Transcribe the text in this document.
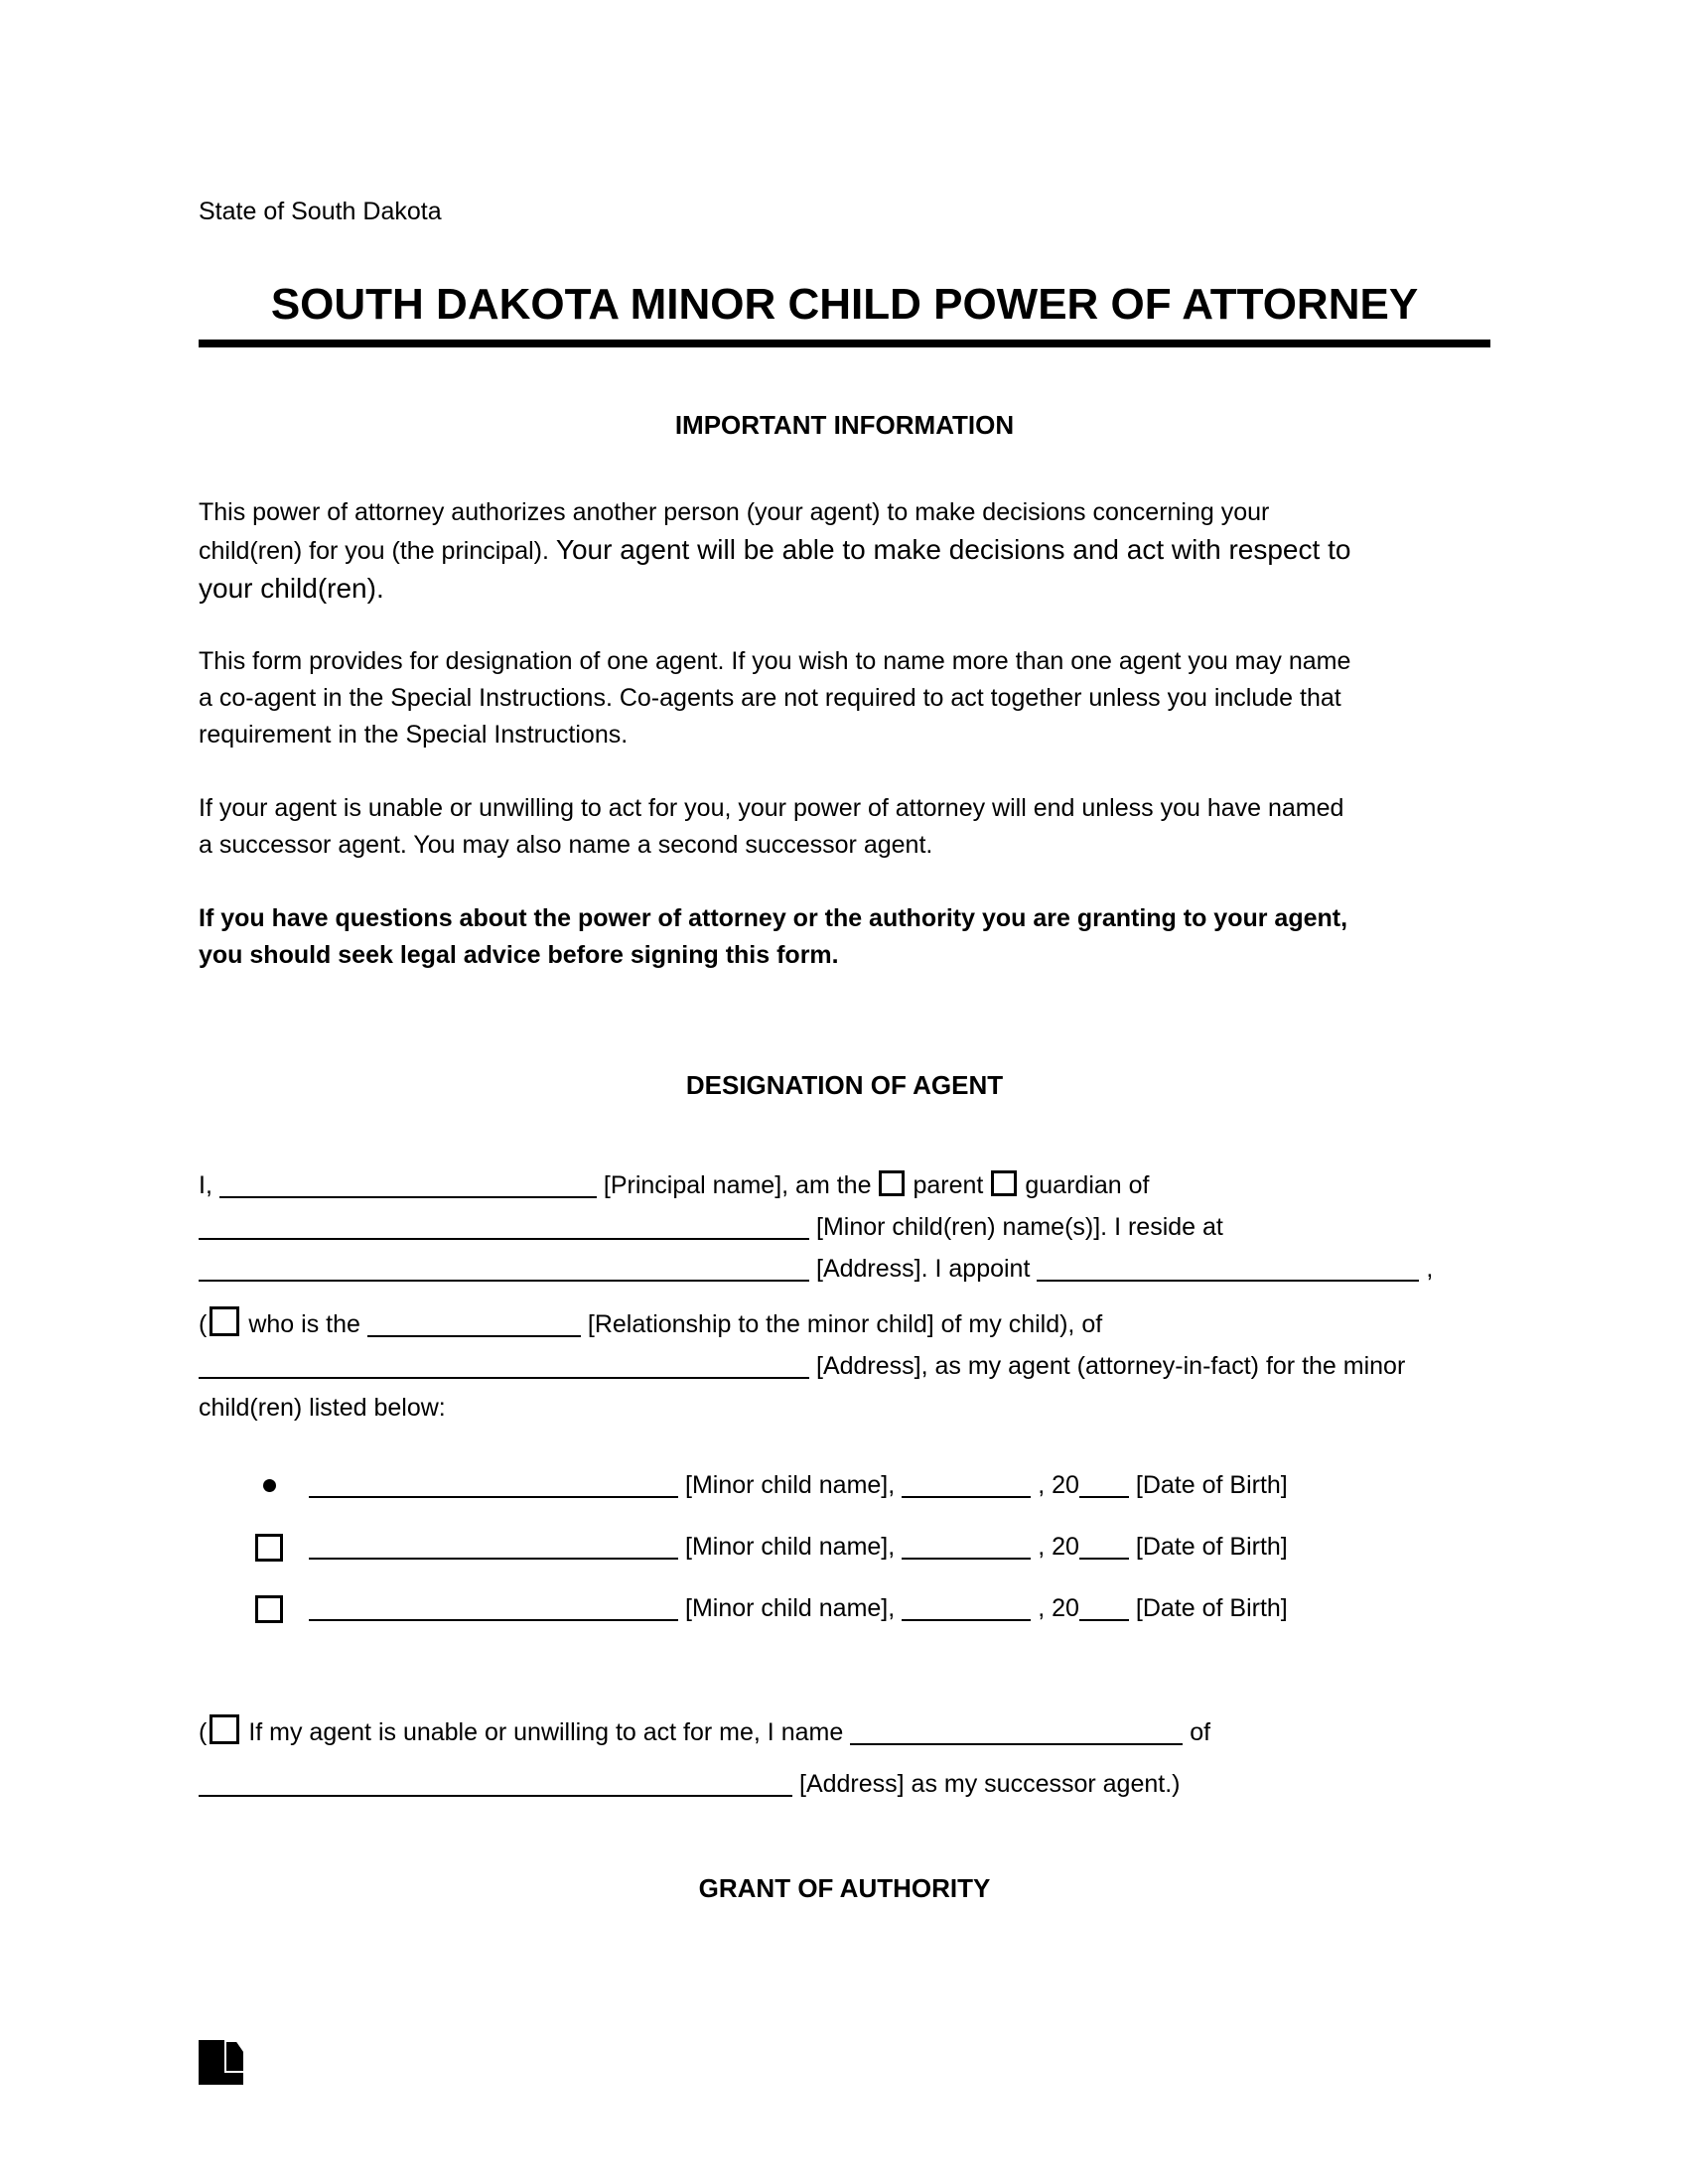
State of South Dakota
SOUTH DAKOTA MINOR CHILD POWER OF ATTORNEY
IMPORTANT INFORMATION
This power of attorney authorizes another person (your agent) to make decisions concerning your
child(ren) for you (the principal). Your agent will be able to make decisions and act with respect to
your child(ren).
This form provides for designation of one agent. If you wish to name more than one agent you may name
a co-agent in the Special Instructions. Co-agents are not required to act together unless you include that
requirement in the Special Instructions.
If your agent is unable or unwilling to act for you, your power of attorney will end unless you have named
a successor agent. You may also name a second successor agent.
If you have questions about the power of attorney or the authority you are granting to your agent,
you should seek legal advice before signing this form.
DESIGNATION OF AGENT
I,	[Principal name], am the parent guardian of
[Minor child(ren) name(s)]. I reside at
[Address]. I appoint	,
( who is the	[Relationship to the minor child] of my child), of
[Address], as my agent (attorney-in-fact) for the minor
child(ren) listed below:
[Minor child name],	, 20 [Date of Birth]
[Minor child name],	, 20 [Date of Birth]
[Minor child name],	, 20 [Date of Birth]
( If my agent is unable or unwilling to act for me, I name	of
[Address] as my successor agent.)
GRANT OF AUTHORITY
